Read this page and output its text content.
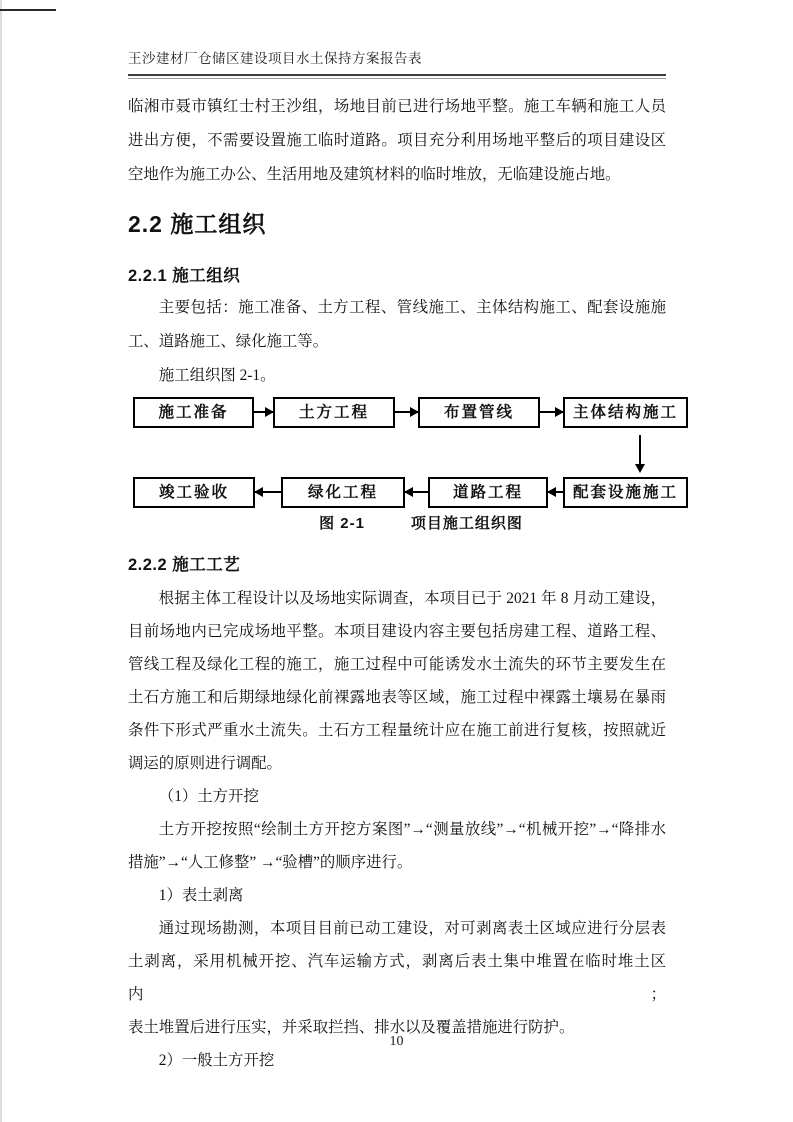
王沙建材厂仓储区建设项目水土保持方案报告表
临湘市聂市镇红士村王沙组，场地目前已进行场地平整。施工车辆和施工人员
进出方便，不需要设置施工临时道路。项目充分利用场地平整后的项目建设区
空地作为施工办公、生活用地及建筑材料的临时堆放，无临建设施占地。
2.2 施工组织
2.2.1 施工组织
主要包括：施工准备、土方工程、管线施工、主体结构施工、配套设施施
工、道路施工、绿化施工等。
施工组织图 2-1。
施工准备	土方工程	布置管线	主体结构施工
竣工验收	绿化工程	道路工程	配套设施施工
图 2-1	项目施工组织图
2.2.2 施工工艺
根据主体工程设计以及场地实际调查，本项目已于 2021 年 8 月动工建设，
目前场地内已完成场地平整。本项目建设内容主要包括房建工程、道路工程、
管线工程及绿化工程的施工，施工过程中可能诱发水土流失的环节主要发生在
土石方施工和后期绿地绿化前裸露地表等区域，施工过程中裸露土壤易在暴雨
条件下形式严重水土流失。土石方工程量统计应在施工前进行复核，按照就近
调运的原则进行调配。
（1）土方开挖
土方开挖按照“绘制土方开挖方案图”→“测量放线”→“机械开挖”→“降排水
措施”→“人工修整” →“验槽”的顺序进行。
1）表土剥离
通过现场勘测，本项目目前已动工建设，对可剥离表土区域应进行分层表
土剥离，采用机械开挖、汽车运输方式，剥离后表土集中堆置在临时堆土区内；
表土堆置后进行压实，并采取拦挡、排水以及覆盖措施进行防护。
2）一般土方开挖
10
